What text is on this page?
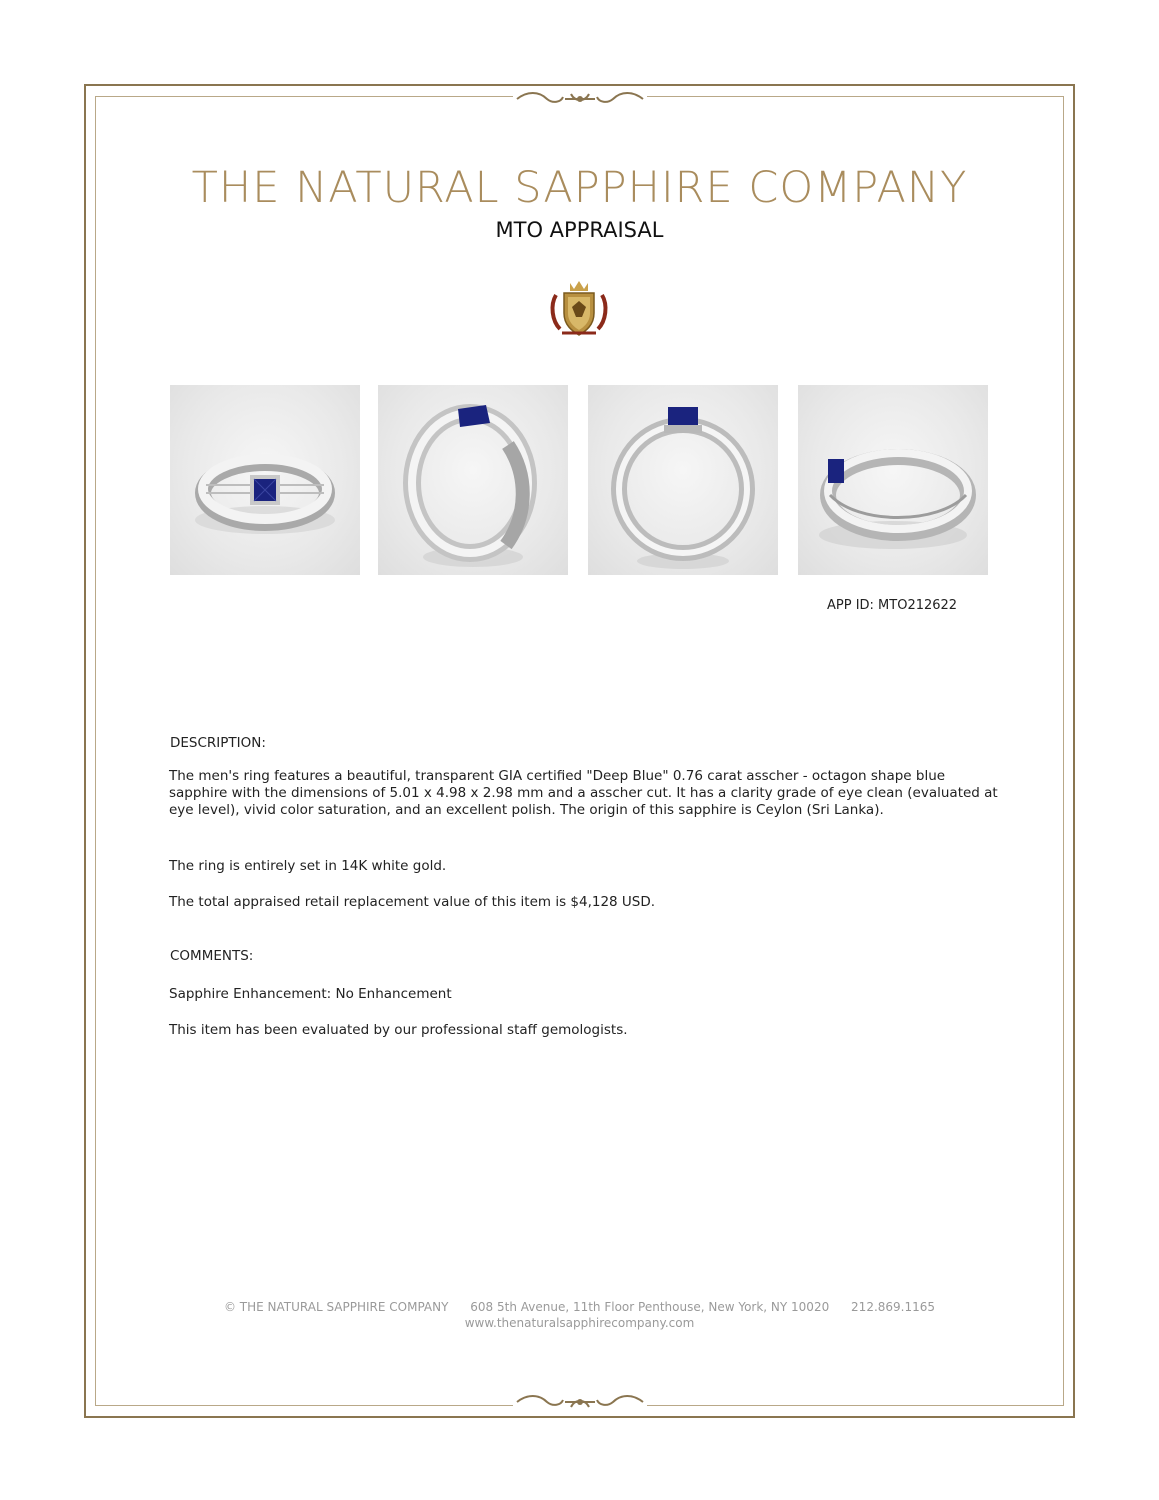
THE NATURAL SAPPHIRE COMPANY
MTO APPRAISAL
APP ID: MTO212622
DESCRIPTION:
The men's ring features a beautiful, transparent GIA certified "Deep Blue" 0.76 carat asscher - octagon shape blue sapphire with the dimensions of 5.01 x 4.98 x 2.98 mm and a asscher cut. It has a clarity grade of eye clean (evaluated at eye level), vivid color saturation, and an excellent polish. The origin of this sapphire is Ceylon (Sri Lanka).
The ring is entirely set in 14K white gold.
The total appraised retail replacement value of this item is $4,128 USD.
COMMENTS:
Sapphire Enhancement: No Enhancement
This item has been evaluated by our professional staff gemologists.
© THE NATURAL SAPPHIRE COMPANY 608 5th Avenue, 11th Floor Penthouse, New York, NY 10020 212.869.1165
www.thenaturalsapphirecompany.com
